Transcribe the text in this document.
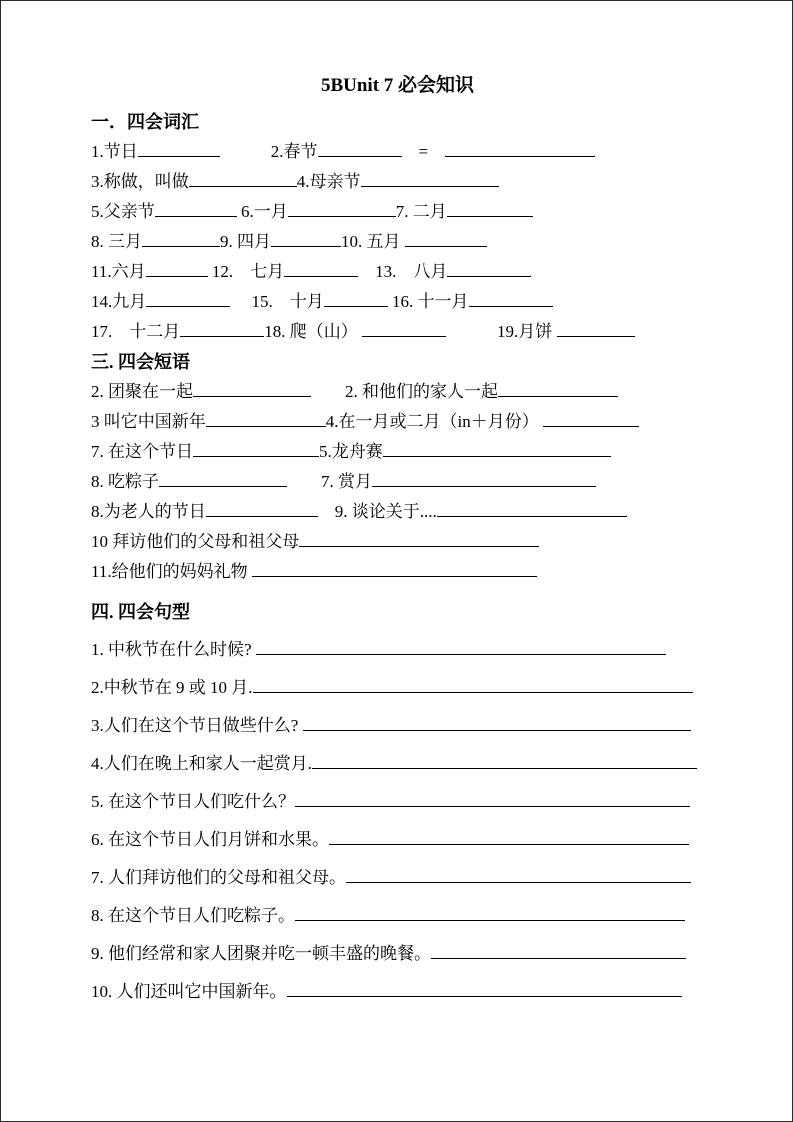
5BUnit 7 必会知识
一．四会词汇
1.节日　　　	2.春节	　=　
3.称做，叫做	4.母亲节
5.父亲节	6.一月	7. 二月
8. 三月	9. 四月	10. 五月
11.六月	12.　七月	　13.　八月
14.九月	　 15.　十月	16. 十一月
17.　十二月	18. 爬（山）	　　　19.月饼
三. 四会短语
2. 团聚在一起	　　2. 和他们的家人一起
3 叫它中国新年	4.在一月或二月（in＋月份）
7. 在这个节日	5.龙舟赛
8. 吃粽子	　　7. 赏月
8.为老人的节日	　9. 谈论关于....
10 拜访他们的父母和祖父母
11.给他们的妈妈礼物
四. 四会句型
1. 中秋节在什么时候?
2.中秋节在 9 或 10 月.
3.人们在这个节日做些什么?
4.人们在晚上和家人一起赏月.
5. 在这个节日人们吃什么？
6. 在这个节日人们月饼和水果。
7. 人们拜访他们的父母和祖父母。
8. 在这个节日人们吃粽子。
9. 他们经常和家人团聚并吃一顿丰盛的晚餐。
10. 人们还叫它中国新年。
